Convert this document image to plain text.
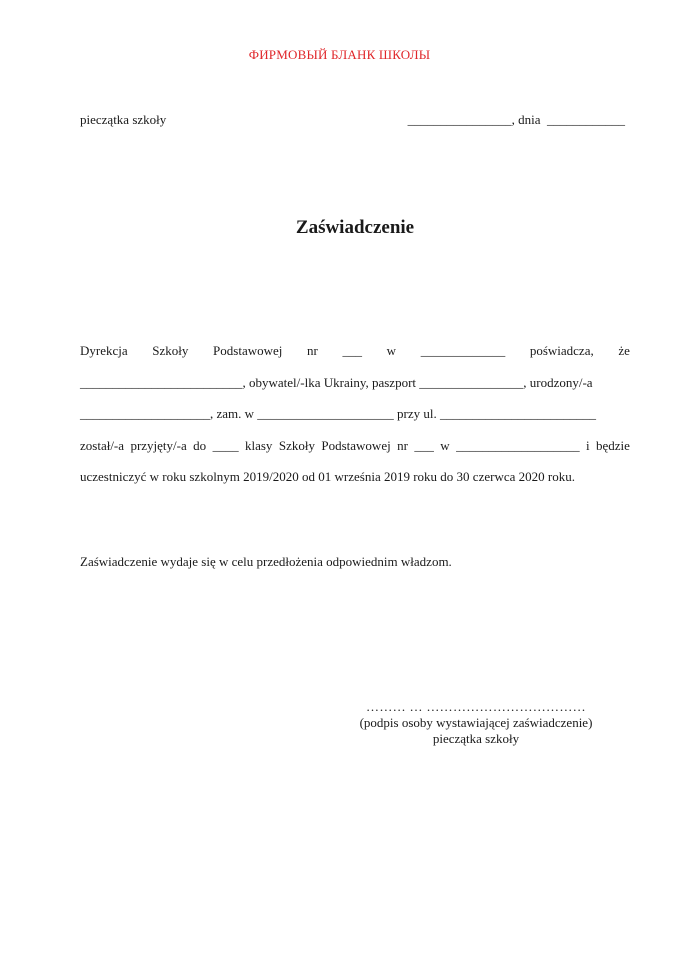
ФИРМОВЫЙ БЛАНК ШКОЛЫ
pieczątka szkoły	________________, dnia  ____________
Zaświadczenie
Dyrekcja Szkoły Podstawowej nr ___ w _____________ poświadcza, że
_________________________, obywatel/-lka Ukrainy, paszport ________________, urodzony/-a
____________________, zam. w _____________________ przy ul. ________________________
został/-a przyjęty/-a do ____ klasy Szkoły Podstawowej nr ___ w ___________________ i będzie
uczestniczyć w roku szkolnym 2019/2020 od 01 września 2019 roku do 30 czerwca 2020 roku.
Zaświadczenie wydaje się w celu przedłożenia odpowiednim władzom.
……… … ………………………………
(podpis osoby wystawiającej zaświadczenie)
pieczątka szkoły
